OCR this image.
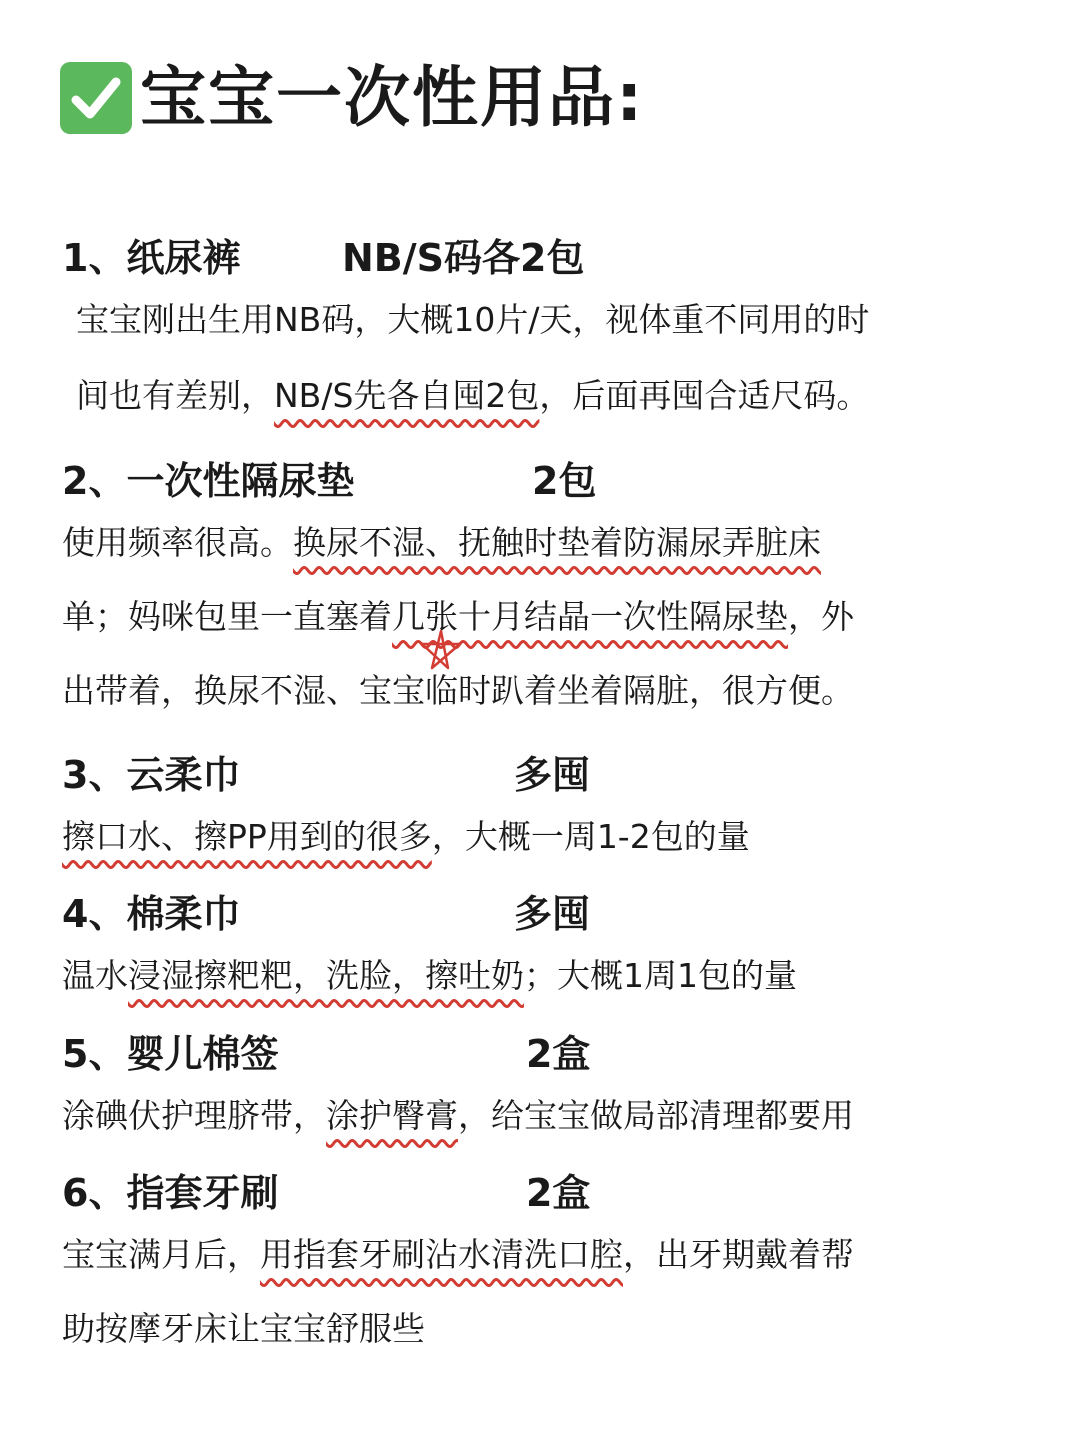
宝宝一次性用品:
1、纸尿裤	NB/S码各2包
宝宝刚出生用NB码，大概10片/天，视体重不同用的时
间也有差别，NB/S先各自囤2包，后面再囤合适尺码。
2、一次性隔尿垫	2包
使用频率很高。换尿不湿、抚触时垫着防漏尿弄脏床
单；妈咪包里一直塞着几张十月结晶一次性隔尿垫，外
出带着，换尿不湿、宝宝临时趴着坐着隔脏，很方便。
3、云柔巾	多囤
擦口水、擦PP用到的很多，大概一周1-2包的量
4、棉柔巾	多囤
温水浸湿擦粑粑，洗脸，擦吐奶；大概1周1包的量
5、婴儿棉签	2盒
涂碘伏护理脐带，涂护臀膏，给宝宝做局部清理都要用
6、指套牙刷	2盒
宝宝满月后，用指套牙刷沾水清洗口腔，出牙期戴着帮
助按摩牙床让宝宝舒服些
